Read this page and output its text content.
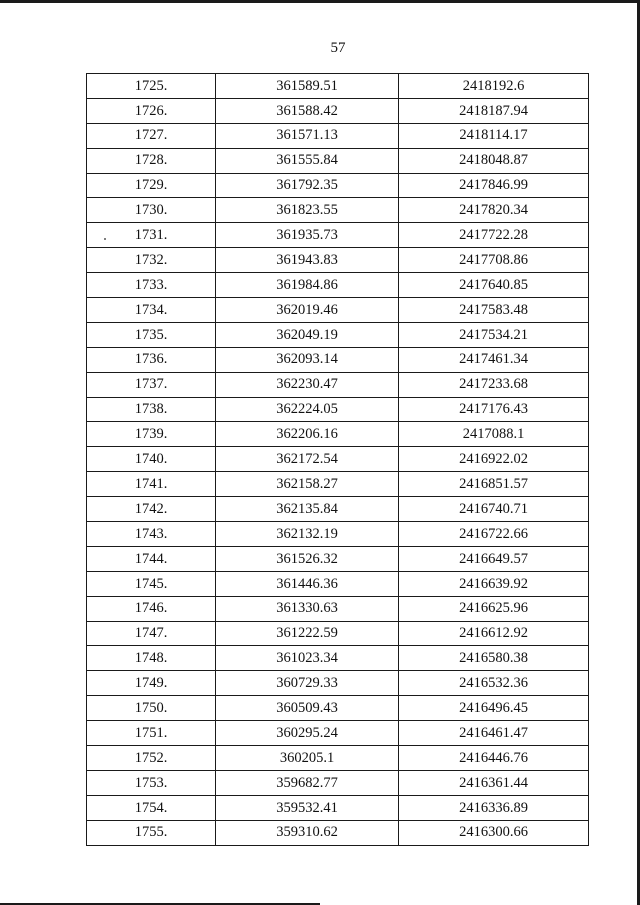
57
1725.	361589.51	2418192.6
1726.	361588.42	2418187.94
1727.	361571.13	2418114.17
1728.	361555.84	2418048.87
1729.	361792.35	2417846.99
1730.	361823.55	2417820.34
1731.	361935.73	2417722.28
1732.	361943.83	2417708.86
1733.	361984.86	2417640.85
1734.	362019.46	2417583.48
1735.	362049.19	2417534.21
1736.	362093.14	2417461.34
1737.	362230.47	2417233.68
1738.	362224.05	2417176.43
1739.	362206.16	2417088.1
1740.	362172.54	2416922.02
1741.	362158.27	2416851.57
1742.	362135.84	2416740.71
1743.	362132.19	2416722.66
1744.	361526.32	2416649.57
1745.	361446.36	2416639.92
1746.	361330.63	2416625.96
1747.	361222.59	2416612.92
1748.	361023.34	2416580.38
1749.	360729.33	2416532.36
1750.	360509.43	2416496.45
1751.	360295.24	2416461.47
1752.	360205.1	2416446.76
1753.	359682.77	2416361.44
1754.	359532.41	2416336.89
1755.	359310.62	2416300.66
